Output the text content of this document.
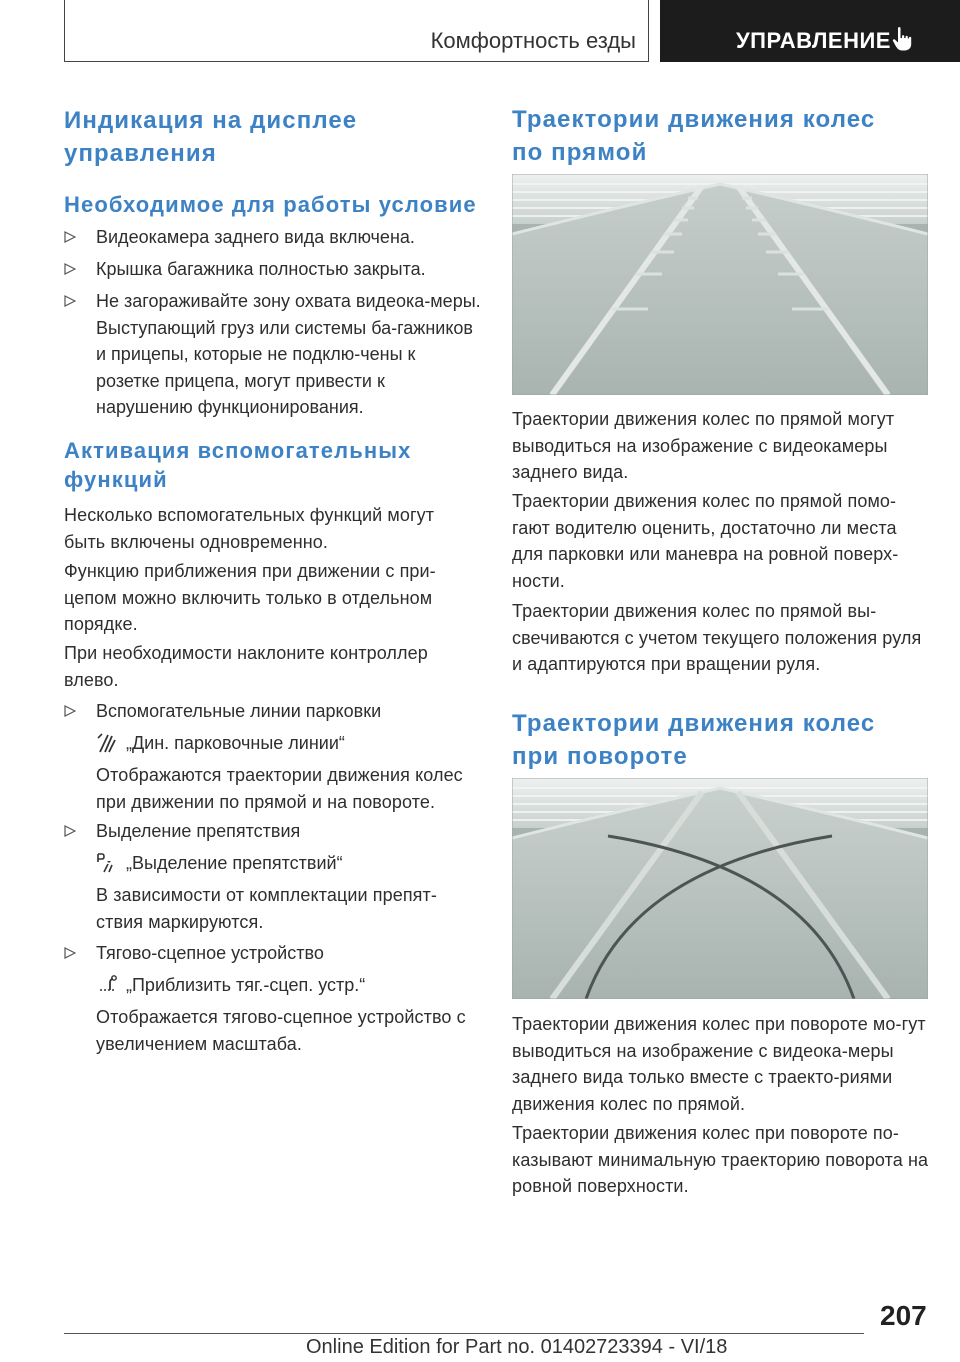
Комфортность езды	УПРАВЛЕНИЕ
Индикация на дисплее управления
Необходимое для работы условие
Видеокамера заднего вида включена.
Крышка багажника полностью закрыта.
Не загораживайте зону охвата видеока-меры. Выступающий груз или системы ба-гажников и прицепы, которые не подклю-чены к розетке прицепа, могут привести к нарушению функционирования.
Активация вспомогательных функций

Несколько вспомогательных функций могут быть включены одновременно.

Функцию приближения при движении с при-цепом можно включить только в отдельном порядке.

При необходимости наклоните контроллер влево.

Вспомогательные линии парковки
„Дин. парковочные линии“

Отображаются траектории движения колес при движении по прямой и на повороте.

Выделение препятствия
„Выделение препятствий“

В зависимости от комплектации препят-ствия маркируются.

Тягово-сцепное устройство
„Приблизить тяг.-сцеп. устр.“

Отображается тягово-сцепное устройство с увеличением масштаба.

Траектории движения колес по прямой

Траектории движения колес по прямой могут выводиться на изображение с видеокамеры заднего вида.

Траектории движения колес по прямой помо-гают водителю оценить, достаточно ли места для парковки или маневра на ровной поверх-ности.

Траектории движения колес по прямой вы-свечиваются с учетом текущего положения руля и адаптируются при вращении руля.

Траектории движения колес при повороте

Траектории движения колес при повороте мо-гут выводиться на изображение с видеока-меры заднего вида только вместе с траекто-риями движения колес по прямой.

Траектории движения колес при повороте по-казывают минимальную траекторию поворота на ровной поверхности.

207
Online Edition for Part no. 01402723394 - VI/18
